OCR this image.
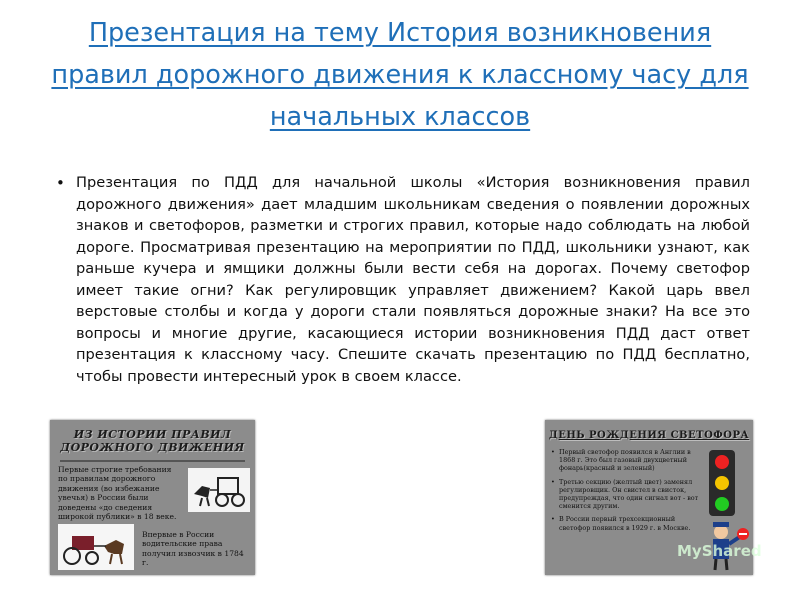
Презентация на тему История возникновения правил дорожного движения к классному часу для начальных классов
• Презентация по ПДД для начальной школы «История возникновения правил дорожного движения» дает младшим школьникам сведения о появлении дорожных знаков и светофоров, разметки и строгих правил, которые надо соблюдать на любой дороге. Просматривая презентацию на мероприятии по ПДД, школьники узнают, как раньше кучера и ямщики должны были вести себя на дорогах. Почему светофор имеет такие огни? Как регулировщик управляет движением? Какой царь ввел верстовые столбы и когда у дороги стали появляться дорожные знаки? На все это вопросы и многие другие, касающиеся истории возникновения ПДД даст ответ презентация к классному часу. Спешите скачать презентацию по ПДД бесплатно, чтобы провести интересный урок в своем классе.
ИЗ ИСТОРИИ ПРАВИЛ
ДОРОЖНОГО ДВИЖЕНИЯ
Первые строгие требования по правилам дорожного движения (во избежание увечья) в России были доведены «до сведения широкой публики» в 18 веке.
Впервые в России водительские права получил извозчик в 1784 г.
ДЕНЬ РОЖДЕНИЯ СВЕТОФОРА
• Первый светофор появился в Англии в 1868 г. Это был газовый двухцветный фонарь(красный и зеленый)
• Третью секцию (желтый цвет) заменял регулировщик. Он свистел в свисток, предупреждая, что один сигнал вот - вот сменится другим.
• В России первый трехсекционный светофор появился в 1929 г. в Москве.
MyShared
